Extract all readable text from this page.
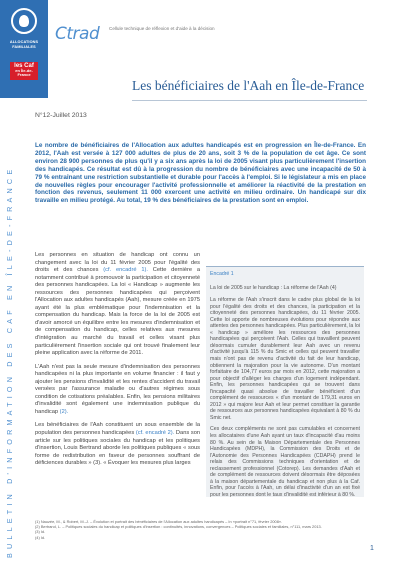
ALLOCATIONS
FAMILIALES
les Caf
en Île-de-France
Ctrad Cellule technique de réflexion et d'aide à la décision
BULLETIN D'INFORMATION DES CAF EN ÎLE-DE-FRANCE
N°12-Juillet 2013
Les bénéficiaires de l'Aah en Île-de-France
Le nombre de bénéficiaires de l'Allocation aux adultes handicapés est en progression en Île-de-France. En 2012, l'Aah est versée à 127 000 adultes de plus de 20 ans, soit 3 % de la population de cet âge. Ce sont environ 28 900 personnes de plus qu'il y a six ans après la loi de 2005 visant plus particulièrement l'insertion des handicapés. Ce résultat est dû à la progression du nombre de bénéficiaires avec une incapacité de 50 à 79 % entraînant une restriction substantielle et durable pour l'accès à l'emploi. Si le législateur a mis en place de nouvelles règles pour encourager l'activité professionnelle et améliorer la réactivité de la prestation en fonction des revenus, seulement 11 000 exercent une activité en milieu ordinaire. Un handicapé sur dix travaille en milieu protégé. Au total, 19 % des bénéficiaires de la prestation sont en emploi.

Les personnes en situation de handicap ont connu un changement avec la loi du 11 février 2005 pour l'égalité des droits et des chances (cf. encadré 1). Cette dernière a notamment contribué à promouvoir la participation et citoyenneté des personnes handicapées. La loi « Handicap » augmente les ressources des personnes handicapées qui perçoivent l'Allocation aux adultes handicapés (Aah), mesure créée en 1975 ayant été la plus emblématique pour l'indemnisation et la compensation du handicap. Mais la force de la loi de 2005 est d'avoir amorcé un équilibre entre les mesures d'indemnisation et de compensation du handicap, celles relatives aux mesures d'intégration au marché du travail et celles visant plus particulièrement l'insertion sociale qui ont trouvé finalement leur pleine application avec la réforme de 2011.

L'Aah n'est pas la seule mesure d'indemnisation des personnes handicapées ni la plus importante en volume financier : il faut y ajouter les pensions d'invalidité et les rentes d'accident du travail versées par l'assurance maladie ou d'autres régimes sous condition de cotisations préalables. Enfin, les pensions militaires d'invalidité sont également une indemnisation publique du handicap (2).

Les bénéficiaires de l'Aah constituent un sous ensemble de la population des personnes handicapées (cf. encadré 2). Dans son article sur les politiques sociales du handicap et les politiques d'insertion, Louis Bertrand aborde les politiques publiques « sous forme de redistribution en faveur de personnes souffrant de déficiences durables » (3). « Évoquer les mesures plus larges

Encadré 1
La loi de 2005 sur le handicap : La réforme de l'Aah (4)

La réforme de l'Aah s'inscrit dans le cadre plus global de la loi pour l'égalité des droits et des chances, la participation et la citoyenneté des personnes handicapées, du 11 février 2005. Cette loi apporte de nombreuses évolutions pour répondre aux attentes des personnes handicapées. Plus particulièrement, la loi « handicap » améliore les ressources des personnes handicapées qui perçoivent l'Aah. Celles qui travaillent peuvent désormais cumuler durablement leur Aah avec un revenu d'activité jusqu'à 115 % du Smic et celles qui peuvent travailler mais n'ont pas de revenu d'activité du fait de leur handicap, obtiennent la majoration pour la vie autonome. D'un montant forfaitaire de 104,77 euros par mois en 2012, cette majoration a pour objectif d'alléger les charges d'un logement indépendant. Enfin, les personnes handicapées qui se trouvent dans l'incapacité quasi absolue de travailler bénéficient d'un complément de ressources « d'un montant de 179,31 euros en 2012 » qui majore leur Aah et leur permet constituer la garantie de ressources aux personnes handicapées équivalant à 80 % du Smic net.

Ces deux compléments ne sont pas cumulables et concernent les allocataires d'une Aah ayant un taux d'incapacité d'au moins 80 %. Au sein de la Maison Départementale des Personnes Handicapées (MDPH), la Commission des Droits et de l'Autonomie des Personnes Handicapées (CDAPH) prend le relais des Commissions techniques d'orientation et de reclassement professionnel (Cotorep). Les demandes d'Aah et de complément de ressources doivent désormais être déposées à la maison départementale du handicap et non plus à la Caf. Enfin, pour l'accès à l'Aah, un délai d'inactivité d'un an est fixé pour les personnes dont le taux d'invalidité est inférieur à 80 %.

(1) Nauzée, M., & Robert, M.-J. – Évolution et portrait des bénéficiaires de l'Allocation aux adultes handicapés – In «portrait n°71, février 2008».
(2) Bertrand, L. – Politiques sociales du handicap et politiques d'insertion : continuités, innovations, convergences – Politiques sociales et familiales, n°111, mars 2013.
(3) Id.
(4) Id.
1
